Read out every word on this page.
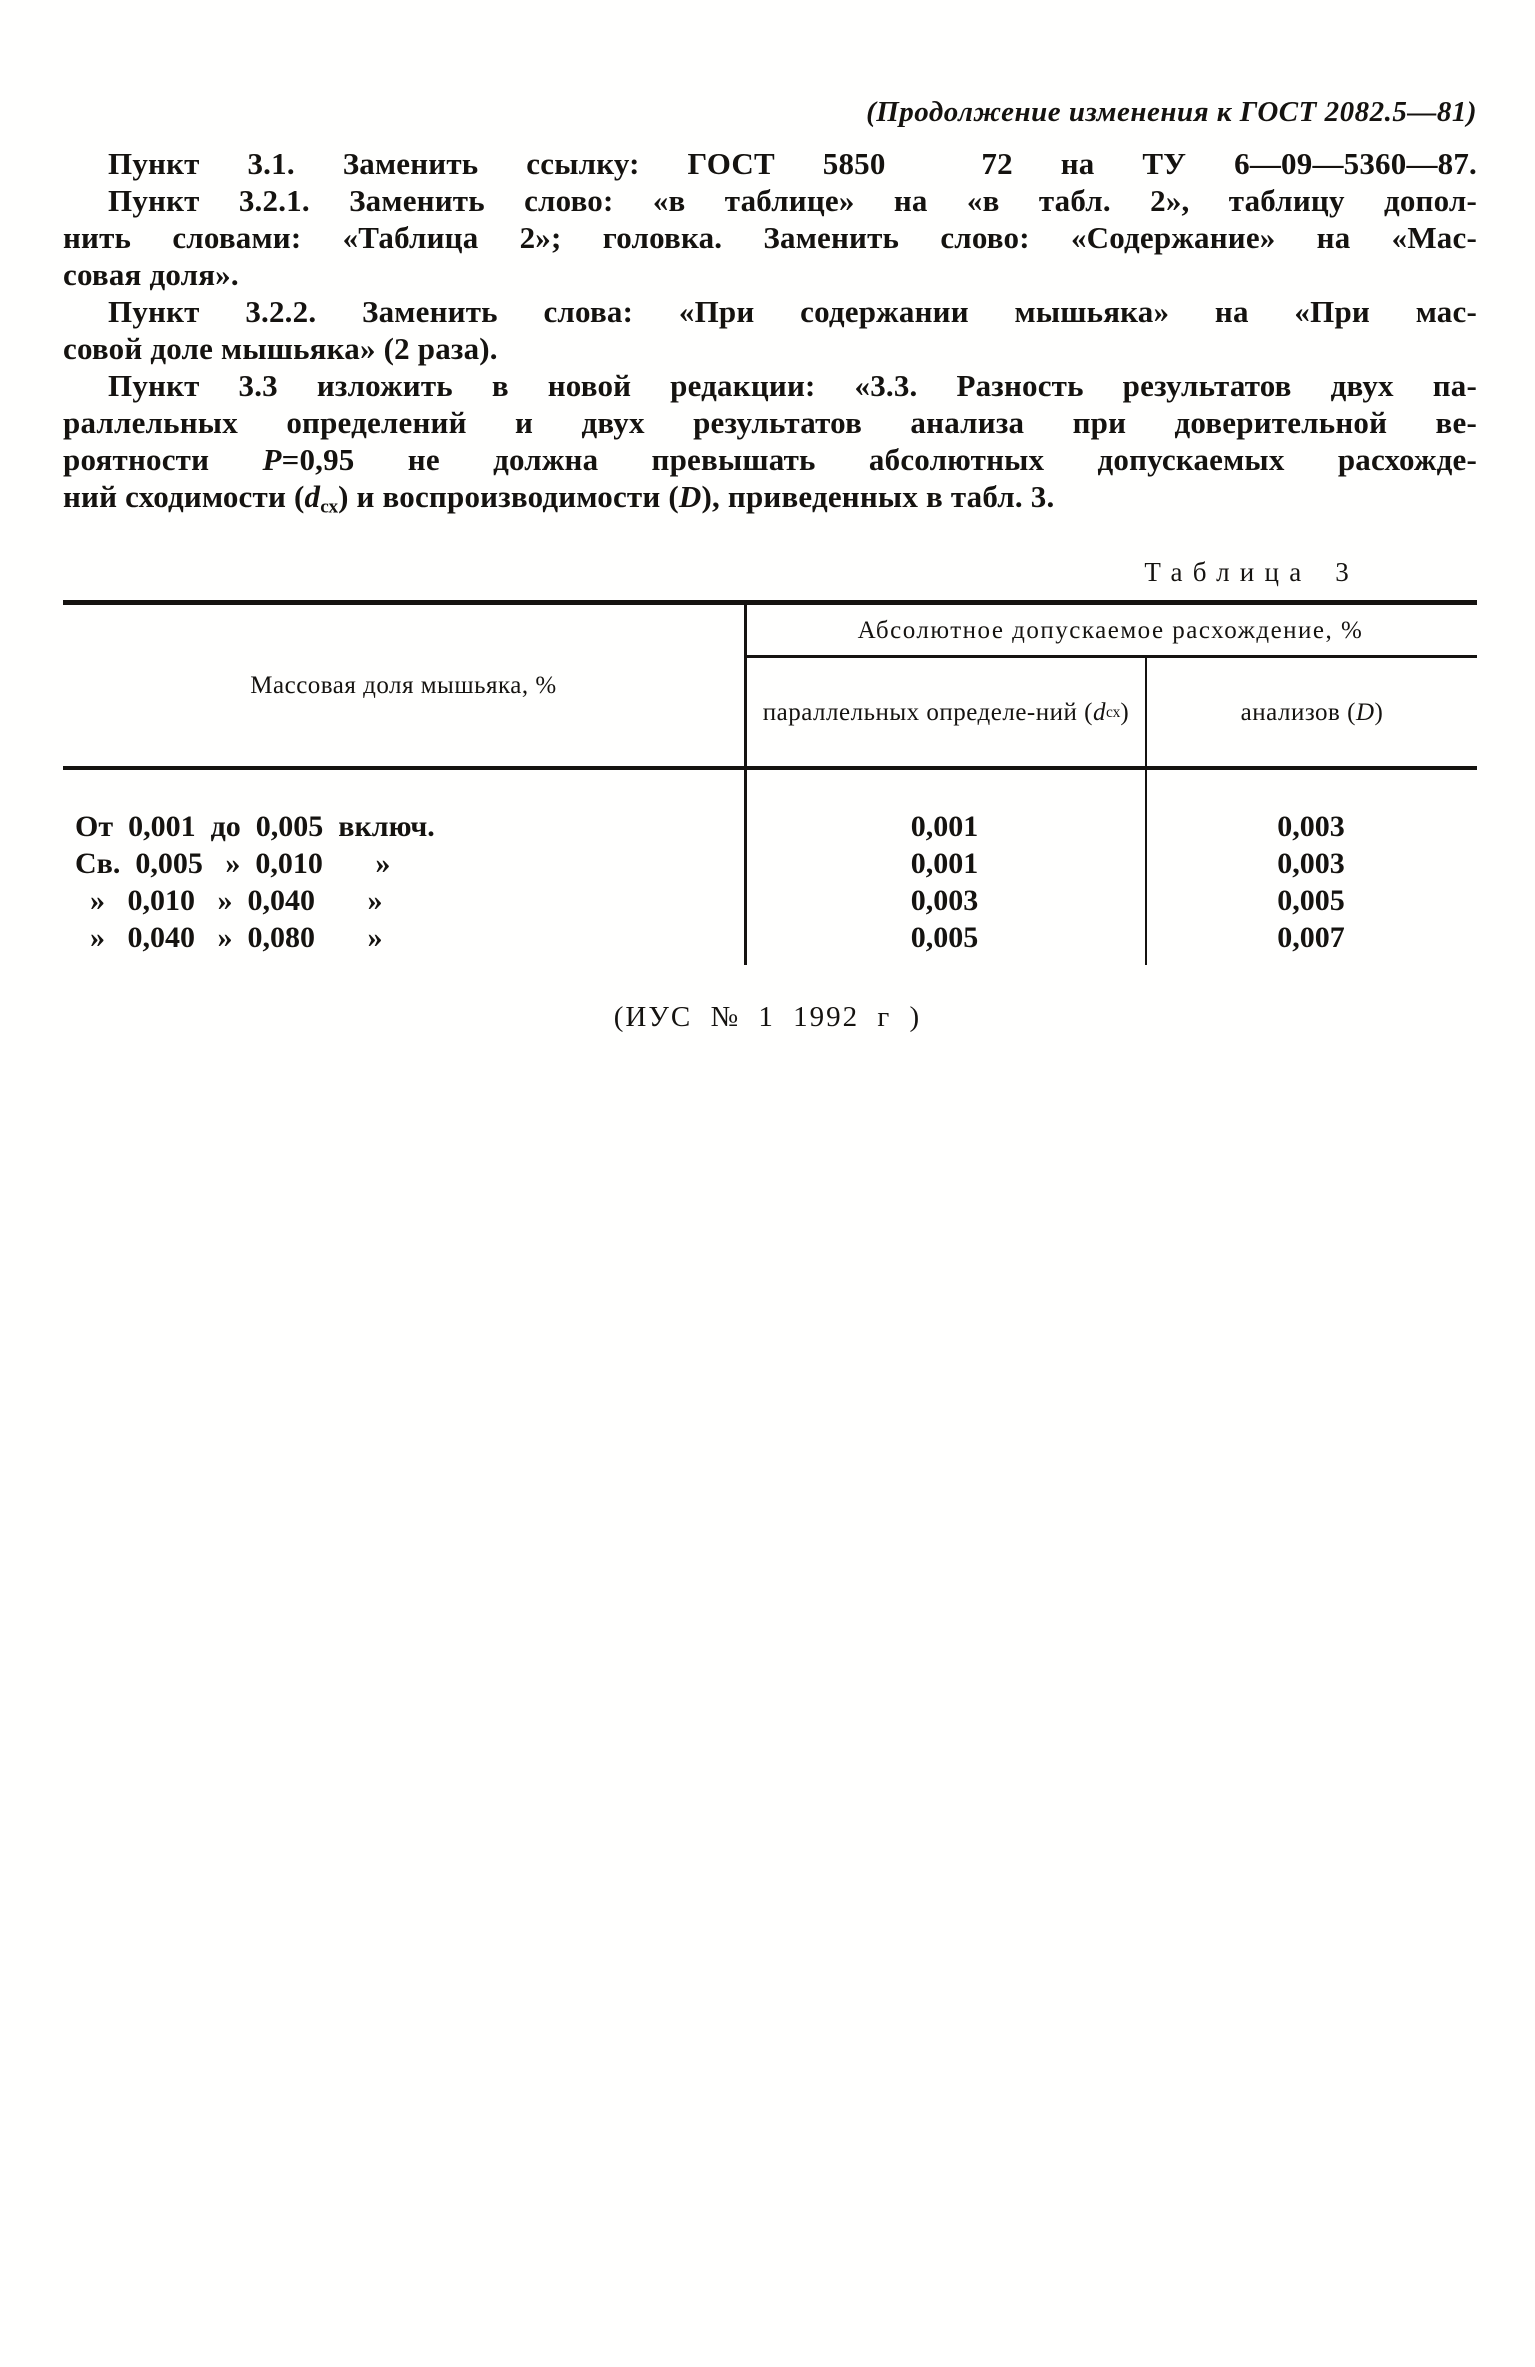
(Продолжение изменения к ГОСТ 2082.5—81)
Пункт 3.1. Заменить ссылку: ГОСТ 5850  72 на ТУ 6—09—5360—87.
Пункт 3.2.1. Заменить слово: «в таблице» на «в табл. 2», таблицу допол-
нить словами: «Таблица 2»; головка. Заменить слово: «Содержание» на «Мас-
совая доля».
Пункт 3.2.2. Заменить слова: «При содержании мышьяка» на «При мас-
совой доле мышьяка» (2 раза).
Пункт 3.3 изложить в новой редакции: «3.3. Разность результатов двух па-
раллельных определений и двух результатов анализа при доверительной ве-
роятности Р=0,95 не должна превышать абсолютных допускаемых расхожде-
ний сходимости $(d_{сх})$ и воспроизводимости (D), приведенных в табл. 3.
Таблица 3
Массовая доля мышьяка, %
Абсолютное допускаемое расхождение, %
параллельных определе- ний ( d сх )	анализов ( D )
От  0,001  до  0,005  включ.	0,001	0,003
Св.  0,005   »  0,010       »	0,001	0,003
»   0,010   »  0,040       »	0,003	0,005
»   0,040   »  0,080       »	0,005	0,007
(ИУС № 1 1992 г )
